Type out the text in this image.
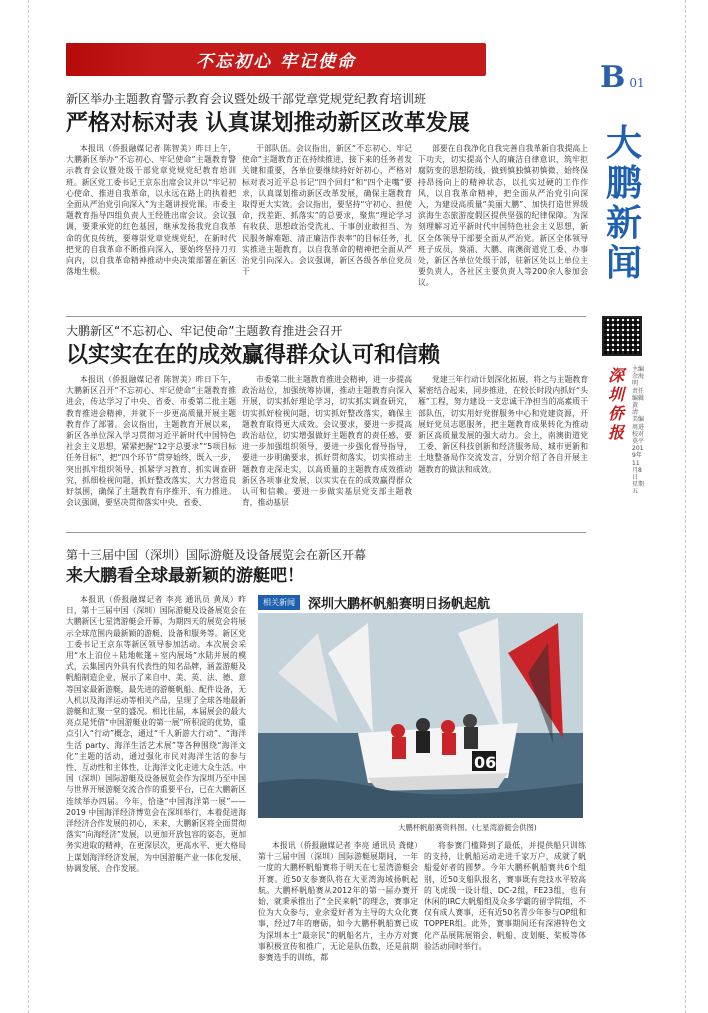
不忘初心 牢记使命	B 01
大鹏新闻
深圳侨报
主编 余海明 责任编辑 黄 清 美编 周进 校对 莫平 2019年11月8日 星期五
新区举办主题教育警示教育会议暨处级干部党章党规党纪教育培训班
严格对标对表 认真谋划推动新区改革发展

本报讯（侨报融媒记者 陈智美）昨日上午，大鹏新区举办“不忘初心、牢记使命”主题教育警示教育会议暨处级干部党章党规党纪教育培训班。新区党工委书记王京东出席会议并以“牢记初心使命、推进自我革命，以永远在路上的执着把全面从严治党引向深入”为主题讲授党课。市委主题教育指导四组负责人王经胜出席会议。会议强调，要秉承党的红色基因，继承发扬我党自我革命的优良传统，要尊崇党章党规党纪，在新时代把党的自我革命不断推向深入，要始终坚持刀刃向内，以自我革命精神推动中央决策部署在新区落地生根。

干部队伍。会议指出，新区“不忘初心、牢记使命”主题教育正在持续推进，接下来的任务者发关键和重要，各单位要继续持好好初心，严格对标对表习近平总书记“四个回归”和“四个走嘴”要求，认真谋划推动新区改革发展，确保主题教育取得更大实效。会议指出，要坚持“守初心、担使命，找差距、抓落实”的总要求，聚焦“理论学习有收获、思想政治受洗礼、干事创业敢担当、为民服务解难题、清正廉洁作表率”的目标任务，扎实推进主题教育，以自我革命的精神把全面从严治党引向深入。会议强调，新区各级各单位党员干

部要在自我净化自我完善自我革新自我提高上下功夫，切实提高个人的廉洁自律意识，筑牢拒腐防变的思想防线，做到慎独慎初慎微，始终保持昂扬向上的精神状态，以扎实过硬的工作作风，以自我革命精神，把全面从严治党引向深入，为建设高质量“美丽大鹏”、加快打造世界级滨海生态旅游度假区提供坚强的纪律保障。为深刻理解习近平新时代中国特色社会主义思想，新区全体领导干部要全面从严治党。新区全体领导班子成员，葵涌、大鹏、南澳街道党工委、办事处，新区各单位处级干部，驻新区处以上单位主要负责人，各社区主要负责人等200余人参加会议。

大鹏新区“不忘初心、牢记使命”主题教育推进会召开
以实实在在的成效赢得群众认可和信赖

本报讯（侨报融媒记者 陈智美）昨日下午，大鹏新区召开“不忘初心、牢记使命”主题教育推进会，传达学习了中央、省委、市委第二批主题教育推进会精神，并就下一步更高质量开展主题教育作了部署。会议指出，主题教育开展以来，新区各单位深入学习贯彻习近平新时代中国特色社会主义思想，紧紧把握“12字总要求”“5项目标任务目标”，把“四个环节”贯穿始终，既入一步，突出抓牢组织领导、抓紧学习教育、抓实调查研究，抓细检视问题，抓好整改落实，大力营造良好氛围，确保了主题教育有序推开、有力推进。会议强调，要坚决贯彻落实中央、省委、

市委第二批主题教育推进会精神，进一步提高政治站位，加强统筹协调，推动主题教育向深入开展，切实抓好理论学习，切实抓实调查研究，切实抓好检视问题，切实抓好整改落实，确保主题教育取得更大成效。会议要求，要进一步提高政治站位，切实增强做好主题教育的责任感，要进一步加强组织领导，要进一步强化督导指导，要进一步明确要求，抓好贯彻落实，切实推动主题教育走深走实，以高质量的主题教育成效推动新区各项事业发展，以实实在在的成效赢得群众认可和信赖。要进一步做实基层党支部主题教育，推动基层

党建三年行动计划深化拓展，将之与主题教育紧密结合起来，同步推进，在较长时段内抓好“头雁”工程，努力建设一支忠诚干净担当的高素质干部队伍，切实用好党群服务中心和党建资源，开展好党员志愿服务，把主题教育成果转化为推动新区高质量发展的强大动力。会上，南澳街道党工委、新区科技创新和经济服务局、城市更新和土地整备局作交流发言，分别介绍了各自开展主题教育的做法和成效。

第十三届中国（深圳）国际游艇及设备展览会在新区开幕
来大鹏看全球最新颖的游艇吧！

本报讯（侨报融媒记者 李亮 通讯员 黄凤）昨日，第十三届中国（深圳）国际游艇及设备展览会在大鹏新区七星湾游艇会开幕，为期四天的展览会将展示全球范围内最新颖的游艇、设备和服务等。新区党工委书记王京东等新区领导参加活动。本次展会采用“水上泊位＋陆地帐篷＋室内展场”水陆并展的模式，云集国内外具有代表性的知名品牌，涵盖游艇及帆船制造企业，展示了来自中、美、英、法、德、意等国家最新游艇，最先进的游艇帆船、配件设备，无人机以及海洋运动等相关产品，呈现了全球各地最新游艇和汇聚一堂的盛况。相比往届，本届展会的最大亮点是凭借“中国游艇业的第一展”所积淀的优势，重点引入“行动”概念，通过“千人新游大行动”、“海洋生活 party、海洋生活艺术展”等各种围绕“海洋文化”主题的活动，通过强化市民对海洋生活的参与性、互动性和主体性，让海洋文化走进大众生活。中国（深圳）国际游艇及设备展览会作为深圳乃至中国与世界开展游艇交流合作的重要平台，已在大鹏新区连续举办四届。今年，恰逢“中国海洋第一展”——2019 中国海洋经济博览会在深圳举行，本着促进海洋经济合作发展的初心，未来，大鹏新区将全面贯彻落实“向海经济”发展，以更加开放包容的姿态，更加务实进取的精神，在更深层次，更高水平、更大格局上谋划海洋经济发展，为中国游艇产业一体化发展、协调发展、合作发展。

相关新闻	深圳大鹏杯帆船赛明日扬帆起航
06
大鹏杯帆船赛资料图。(七星湾游艇会供图)

本报讯（侨报融媒记者 李亮 通讯员 龚健）第十三届中国（深圳）国际游艇展期间，一年一度的大鹏杯帆船赛将于明天在七星湾游艇会开赛。近50支参赛队将在大亚湾海域扬帆起航。大鹏杯帆船赛从2012年的第一届办赛开始，就秉承推出了“全民来帆”的理念，赛事定位为大众参与，业余爱好者为主导的大众化赛事，经过7年的磨砺，如今大鹏杯帆船赛已成为深圳本土“最亲民”的帆船名片，主办方对赛事积极宣传和推广，无论是队伍数，还是前期参赛选手的训练，都

将参赛门槛降到了最低，并提供船只训练的支持，让帆船运动走进千家万户，成就了帆船爱好者的圆梦。今年大鹏杯帆船赛共6个组别，近50支船队报名，赛事既有竞技水平较高的飞虎级一设计组、DC-2组，FE23组，也有休闲的IRC大帆船组及众多学霸的留学院组，不仅有成人赛事，还有近50名青少年参与OP组和TOPPER组。此外，赛事期间还有深港特色文化产品展陈展销会、帆船、皮划艇、桨板等体验活动同时举行。
